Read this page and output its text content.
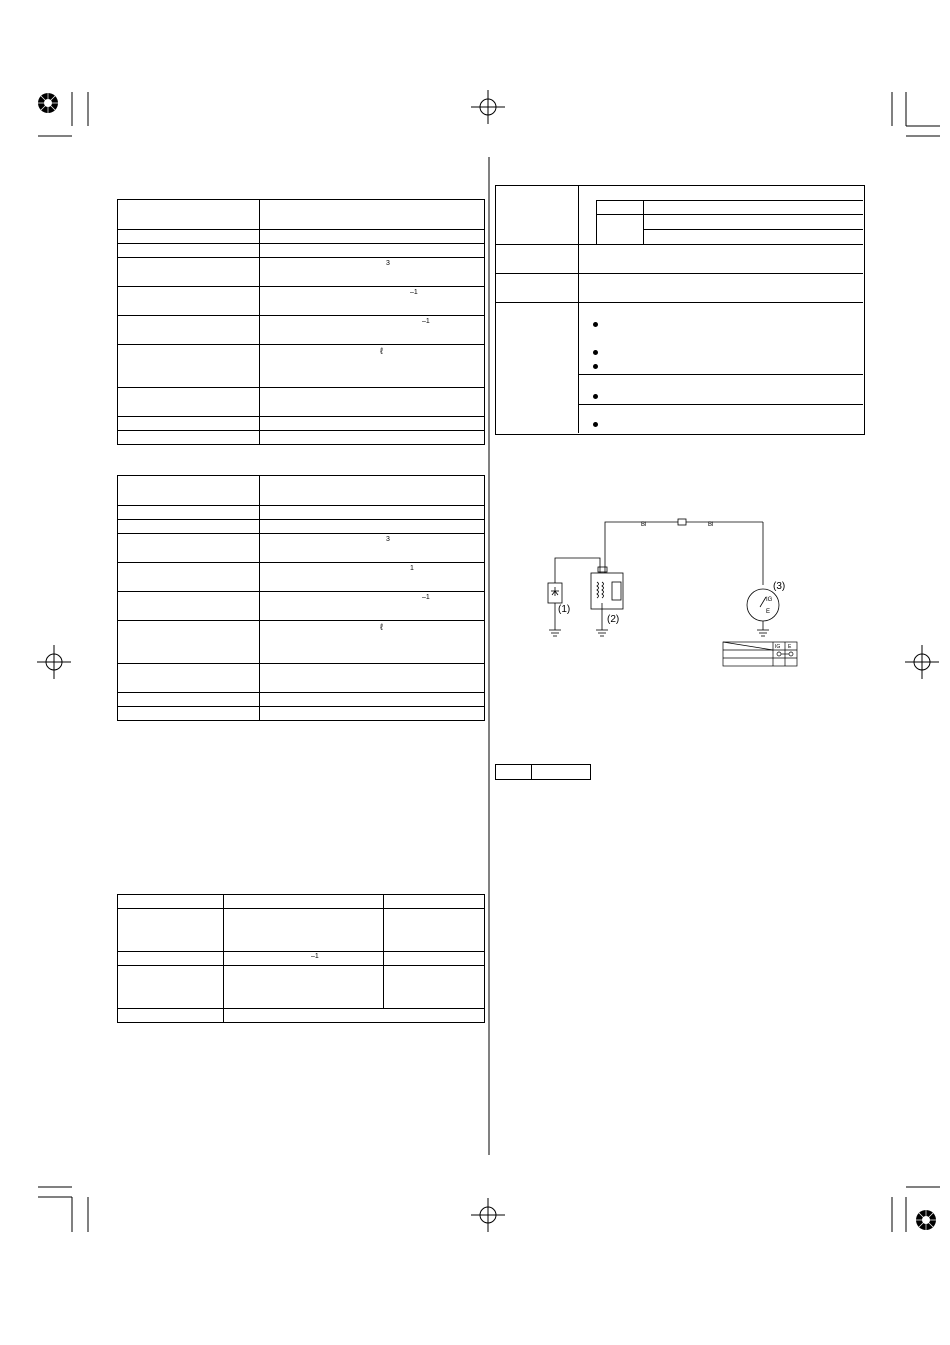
	3

	–1

	–1

	ℓ

	3

	1

	–1

	ℓ

	–1	

Bl	Bl
IG
E
(1)
(2)
(3)
IG E
